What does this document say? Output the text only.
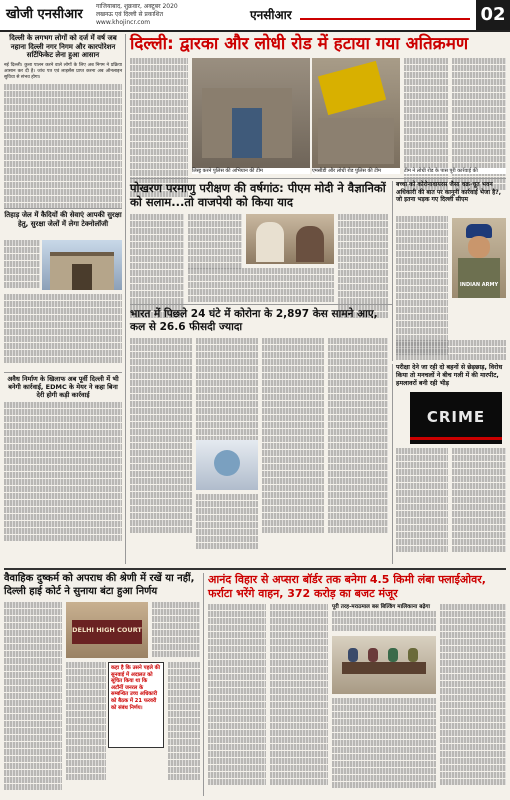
खोजी एनसीआर
गाजियाबाद, शुक्रवार, अक्टूबर 2020
लखनऊ एवं दिल्ली से प्रकाशित
www.khojincr.com
एनसीआर	02
दिल्ली के लगभग लोगों को दर्ज में वर्ष जब नहाना दिल्ली नगर निगम और कारपोरेशन सर्टिफिकेट लेना हुआ आसान
नई दिल्ली। कुत्ता पालन करने वाले लोगों के लिए अब निगम ने प्रक्रिया आसान कर दी है। जांच पत्र एवं लाइसेंस प्राप्त करना अब ऑनलाइन सुविधा से संभव होगा।
तिहाड़ जेल में कैदियों की सेवाएं आपकी सुरक्षा हेतु, सुरक्षा जेलों में लेगा टेक्नोलॉजी
अवैध निर्माण के खिलाफ अब पूर्वी दिल्ली में भी बनेगी कार्रवाई, EDMC के मेयर ने कहा बिना देरी होगी कड़ी कार्रवाई
दिल्ली: द्वारका और लोधी रोड में हटाया गया अतिक्रमण
लिस्ट्ट करने पुलिस की अभियान की टीम	एमसीडी और लोधी रोड पुलिस की टीम	टीम ने लोधी रोड के पास पूरी कार्रवाई की
पोखरण परमाणु परीक्षण की वर्षगांठ: पीएम मोदी ने वैज्ञानिकों को सलाम...तो वाजपेयी को किया याद
बच्चा को कोरोनावायरस जैसा चक्र-चूत भवन अधिकारी की बात पर कानूनी कार्रवाई भेजा है?, जो इतना भड़क गए दिल्ली सीएम
INDIAN ARMY
भारत में पिछले 24 घंटे में कोरोना के 2,897 केस सामने आए, कल से 26.6 फीसदी ज्यादा
परीक्षा देने जा रही दो बहनों से छेड़छाड़, विरोध किया तो मनचलों ने बीच गली में की मारपीट, हमलावरों बनी रही भीड़
CRIME
वैवाहिक दुष्कर्म को अपराध की श्रेणी में रखें या नहीं, दिल्ली हाई कोर्ट ने सुनाया बंटा हुआ निर्णय
DELHI HIGH COURT
कहा है कि उसने पहले की सुनवाई में अदालत को सूचित किया था कि अटॉर्नी जनरल के सम्बन्धित उच्च अधिकारी को बैठक में 21 फरवरी को संबंध निर्णय।
आनंद विहार से अप्सरा बॉर्डर तक बनेगा 4.5 किमी लंबा फ्लाईओवर, फर्राटा भरेंगे वाहन, 372 करोड़ का बजट मंजूर
पूरी तरह-मराठमाल बस बिल्डिंग मालिकाना बढ़ेगा
